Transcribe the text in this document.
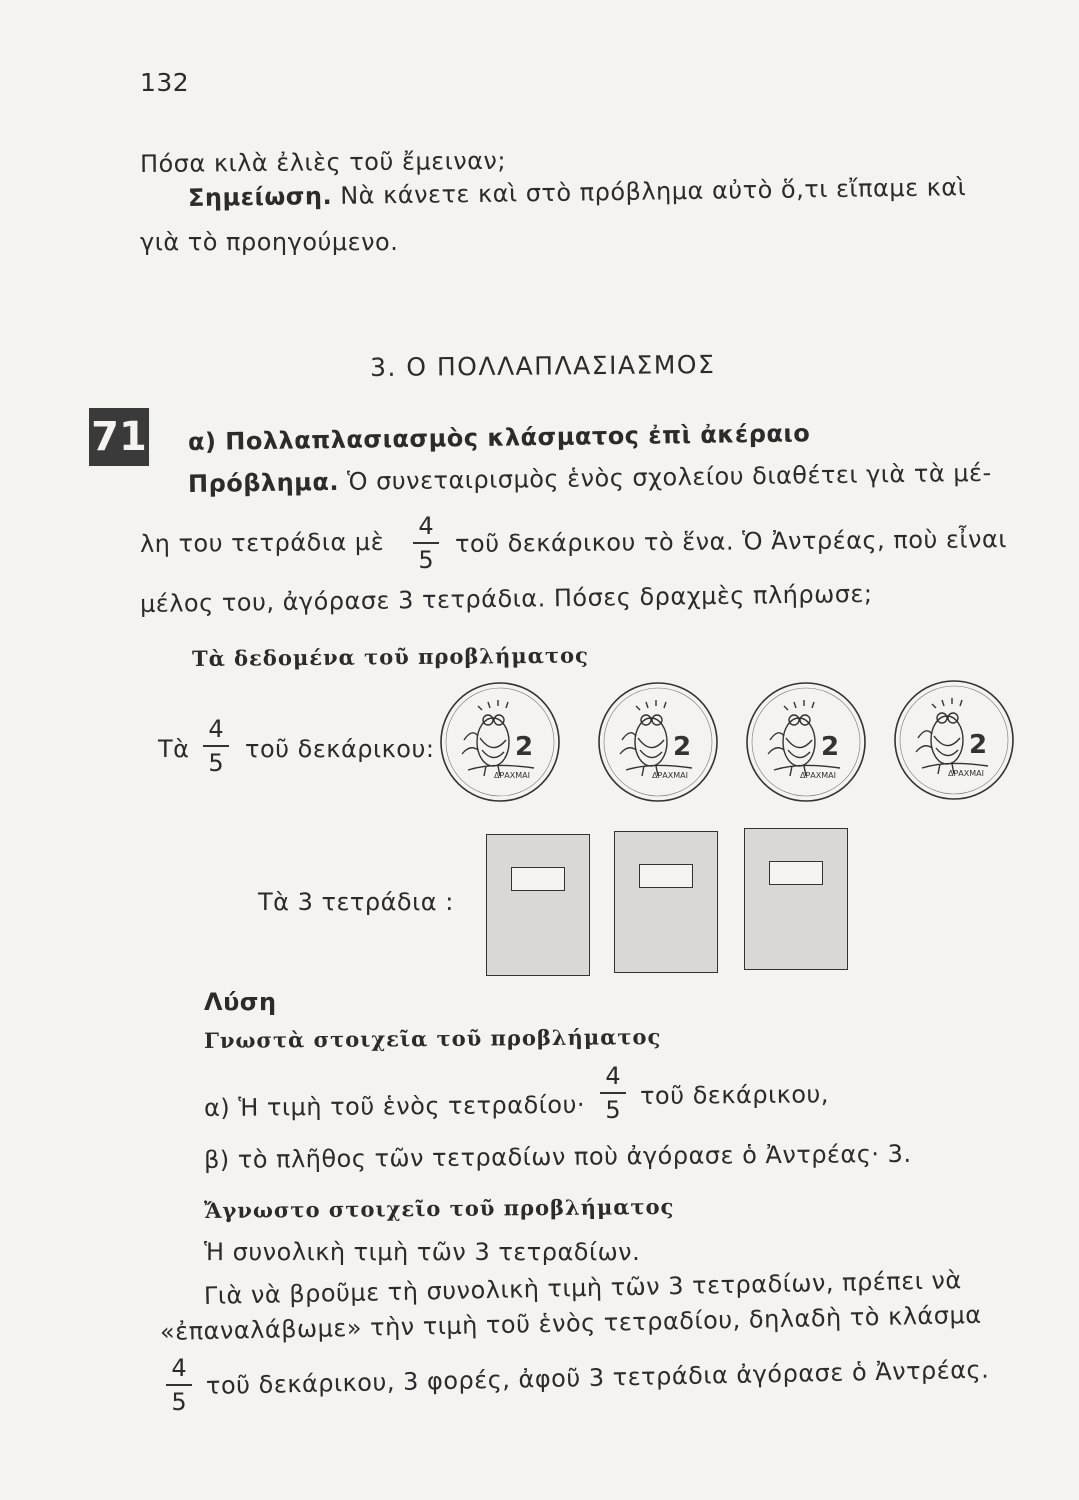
132
Πόσα κιλὰ ἐλιὲς τοῦ ἔμειναν;
Σημείωση. Νὰ κάνετε καὶ στὸ πρόβλημα αὐτὸ ὅ,τι εἴπαμε καὶ
γιὰ τὸ προηγούμενο.
3. Ο ΠΟΛΛΑΠΛΑΣΙΑΣΜΟΣ
71 α) Πολλαπλασιασμὸς κλάσματος ἐπὶ ἀκέραιο
Πρόβλημα. Ὁ συνεταιρισμὸς ἑνὸς σχολείου διαθέτει γιὰ τὰ μέ-
λη του τετράδια μὲ
4
5
τοῦ δεκάρικου τὸ ἕνα. Ὁ Ἀντρέας, ποὺ εἶναι
μέλος του, ἀγόρασε 3 τετράδια. Πόσες δραχμὲς πλήρωσε;
Τὰ δεδομένα τοῦ προβλήματος
Τὰ
4
5 τοῦ δεκάρικου:	2
ΔΡΑΧΜΑΙ
2
ΔΡΑΧΜΑΙ
2
ΔΡΑΧΜΑΙ
2
ΔΡΑΧΜΑΙ
Τὰ 3 τετράδια :
Λύση
Γνωστὰ στοιχεῖα τοῦ προβλήματος
α) Ἡ τιμὴ τοῦ ἑνὸς τετραδίου·
4
5 τοῦ δεκάρικου,
β) τὸ πλῆθος τῶν τετραδίων ποὺ ἀγόρασε ὁ Ἀντρέας· 3.
Ἄγνωστο στοιχεῖο τοῦ προβλήματος
Ἡ συνολικὴ τιμὴ τῶν 3 τετραδίων.
Γιὰ νὰ βροῦμε τὴ συνολικὴ τιμὴ τῶν 3 τετραδίων, πρέπει νὰ
«ἐπαναλάβωμε» τὴν τιμὴ τοῦ ἑνὸς τετραδίου, δηλαδὴ τὸ κλάσμα
4
5
τοῦ δεκάρικου, 3 φορές, ἀφοῦ 3 τετράδια ἀγόρασε ὁ Ἀντρέας.
